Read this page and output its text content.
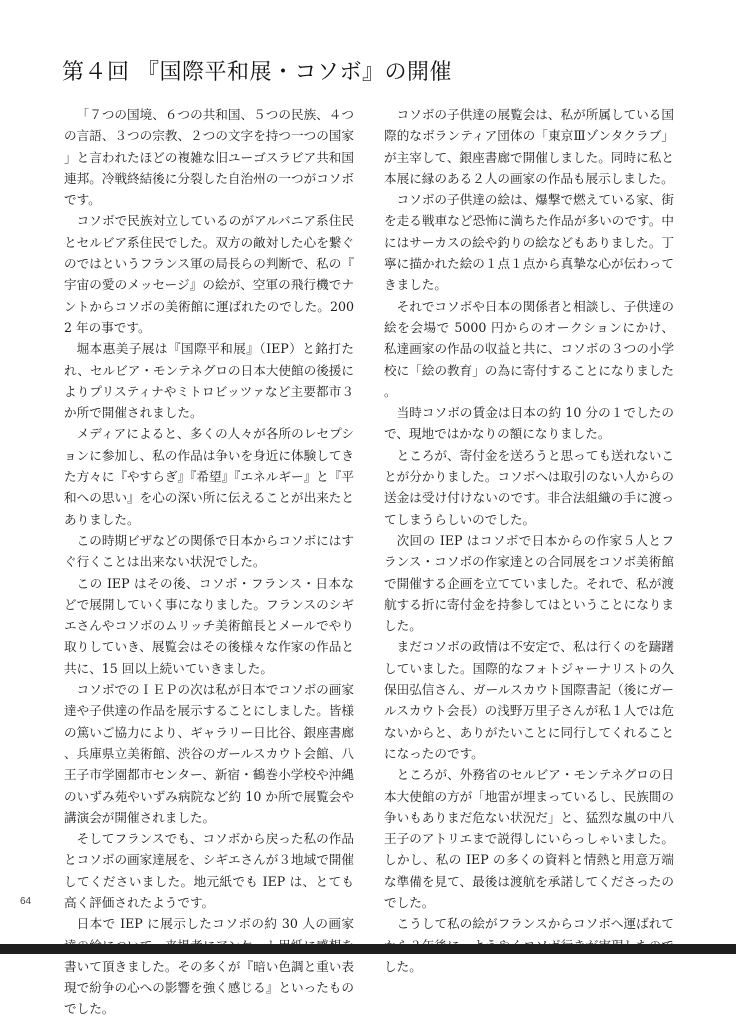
第４回 『国際平和展・コソボ』の開催

「７つの国境、６つの共和国、５つの民族、４つの言語、３つの宗教、２つの文字を持つ一つの国家」と言われたほどの複雑な旧ユーゴスラビア共和国連邦。冷戦終結後に分裂した自治州の一つがコソボです。

コソボで民族対立しているのがアルバニア系住民とセルビア系住民でした。双方の敵対した心を繋ぐのではというフランス軍の局長らの判断で、私の『宇宙の愛のメッセージ』の絵が、空軍の飛行機でナントからコソボの美術館に運ばれたのでした。2002 年の事です。

堀本惠美子展は『国際平和展』（IEP）と銘打たれ、セルビア・モンテネグロの日本大使館の後援によりプリスティナやミトロビッツァなど主要都市３か所で開催されました。

メディアによると、多くの人々が各所のレセプションに参加し、私の作品は争いを身近に体験してきた方々に『やすらぎ』『希望』『エネルギー』と『平和への思い』を心の深い所に伝えることが出来たとありました。

この時期ビザなどの関係で日本からコソボにはすぐ行くことは出来ない状況でした。

この IEP はその後、コソボ・フランス・日本などで展開していく事になりました。フランスのシギエさんやコソボのムリッチ美術館長とメールでやり取りしていき、展覧会はその後様々な作家の作品と共に、15 回以上続いていきました。

コソボでのＩＥＰの次は私が日本でコソボの画家達や子供達の作品を展示することにしました。皆様の篤いご協力により、ギャラリー日比谷、銀座書廊、兵庫県立美術館、渋谷のガールスカウト会館、八王子市学園都市センター、新宿・鶴巻小学校や沖縄のいずみ苑やいずみ病院など約 10 か所で展覧会や講演会が開催されました。

そしてフランスでも、コソボから戻った私の作品とコソボの画家達展を、シギエさんが３地域で開催してくださいました。地元紙でも IEP は、とても高く評価されたようです。

日本で IEP に展示したコソボの約 30 人の画家 書いて頂きました。その多くが『暗い色調と重い表現で紛争の心への影響を強く感じる』といったものでした。

コソボの子供達の展覧会は、私が所属している国際的なボランティア団体の「東京Ⅲゾンタクラブ」が主宰して、銀座書廊で開催しました。同時に私と本展に縁のある２人の画家の作品も展示しました。

コソボの子供達の絵は、爆撃で燃えている家、街を走る戦車など恐怖に満ちた作品が多いのです。中にはサーカスの絵や釣りの絵などもありました。丁寧に描かれた絵の１点１点から真摯な心が伝わってきました。

それでコソボや日本の関係者と相談し、子供達の絵を会場で 5000 円からのオークションにかけ、私達画家の作品の収益と共に、コソボの３つの小学校に「絵の教育」の為に寄付することになりました。

当時コソボの賃金は日本の約 10 分の１でしたので、現地ではかなりの額になりました。

ところが、寄付金を送ろうと思っても送れないことが分かりました。コソボへは取引のない人からの送金は受け付けないのです。非合法組織の手に渡ってしまうらしいのでした。

次回の IEP はコソボで日本からの作家５人とフランス・コソボの作家達との合同展をコソボ美術館で開催する企画を立てていました。それで、私が渡航する折に寄付金を持参してはということになりました。

まだコソボの政情は不安定で、私は行くのを躊躇していました。国際的なフォトジャーナリストの久保田弘信さん、ガールスカウト国際書記（後にガールスカウト会長）の浅野万里子さんが私１人では危ないからと、ありがたいことに同行してくれることになったのです。

ところが、外務省のセルビア・モンテネグロの日本大使館の方が「地雷が埋まっているし、民族間の争いもありまだ危ない状況だ」と、猛烈な嵐の中八王子のアトリエまで説得しにいらっしゃいました。しかし、私の IEP の多くの資料と情熱と用意万端な準備を見て、最後は渡航を承諾してくださったのでした。

こうして私の絵がフランスからコソボへ運ばれて した。

64
